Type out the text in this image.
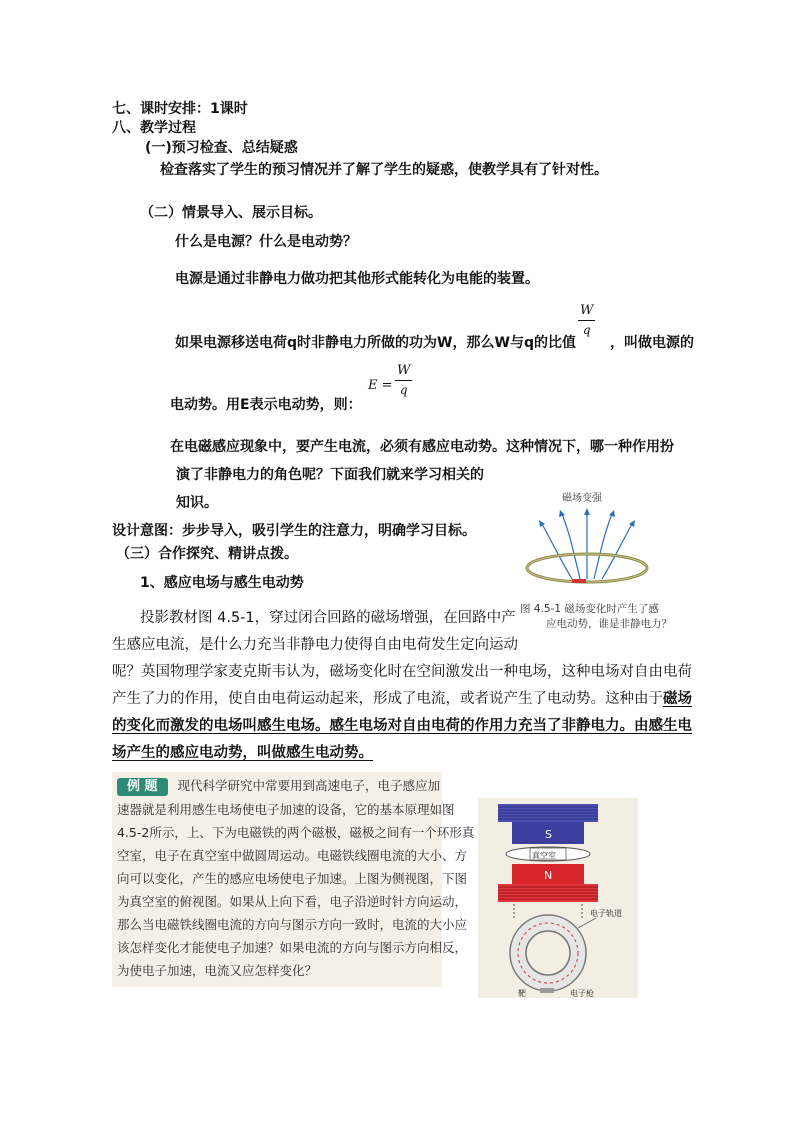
七、课时安排：1课时
八、教学过程
(一)预习检查、总结疑惑
检查落实了学生的预习情况并了解了学生的疑惑，使教学具有了针对性。
（二）情景导入、展示目标。
什么是电源？什么是电动势？
电源是通过非静电力做功把其他形式能转化为电能的装置。
W
q
如果电源移送电荷q时非静电力所做的功为W，那么W与q的比值 ，叫做电源的
E =
W
q
电动势。用E表示电动势，则：
在电磁感应现象中，要产生电流，必须有感应电动势。这种情况下，哪一种作用扮
演了非静电力的角色呢？下面我们就来学习相关的
知识。
设计意图：步步导入，吸引学生的注意力，明确学习目标。
（三）合作探究、精讲点拨。
1、感应电场与感生电动势
投影教材图 4.5-1，穿过闭合回路的磁场增强，在回路中产
生感应电流，是什么力充当非静电力使得自由电荷发生定向运动
呢？英国物理学家麦克斯韦认为，磁场变化时在空间激发出一种电场，这种电场对自由电荷
产生了力的作用，使自由电荷运动起来，形成了电流，或者说产生了电动势。这种由于磁场
的变化而激发的电场叫感生电场。感生电场对自由电荷的作用力充当了非静电力。由感生电
场产生的感应电动势，叫做感生电动势。
磁场变强
图 4.5-1 磁场变化时产生了感
应电动势，谁是非静电力？
例 题 现代科学研究中常要用到高速电子，电子感应加
速器就是利用感生电场使电子加速的设备，它的基本原理如图
4.5-2所示，上、下为电磁铁的两个磁极，磁极之间有一个环形真
空室，电子在真空室中做圆周运动。电磁铁线圈电流的大小、方
向可以变化，产生的感应电场使电子加速。上图为侧视图，下图
为真空室的俯视图。如果从上向下看，电子沿逆时针方向运动，
那么当电磁铁线圈电流的方向与图示方向一致时，电流的大小应
该怎样变化才能使电子加速？如果电流的方向与图示方向相反，
为使电子加速，电流又应怎样变化？
S
真空室
N
电子轨道
靶	电子枪
